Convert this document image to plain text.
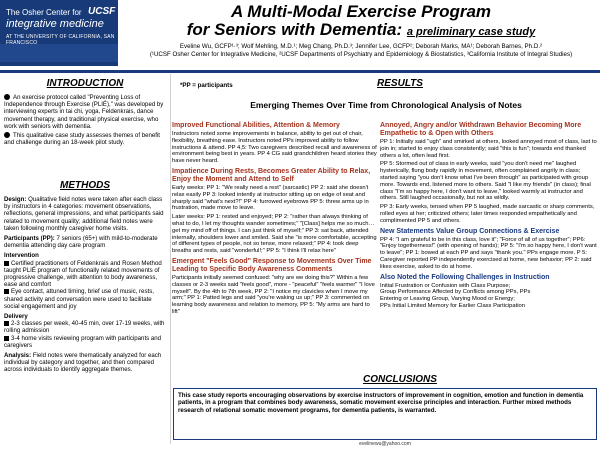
The Osher Center for
integrative medicine
AT THE UNIVERSITY OF CALIFORNIA, SAN FRANCISCO
UCSF	A Multi-Modal Exercise Program
for Seniors with Dementia: a preliminary case study
Eveline Wu, GCFP¹·³; Wolf Mehling, M.D.¹; Meg Chang, Ph.D.³; Jennifer Lee, GCFP¹; Deborah Marks, MA¹; Deborah Barnes, Ph.D.²
(¹UCSF Osher Center for Integrative Medicine, ²UCSF Departments of Psychiatry and Epidemiology & Biostatistics, ³California Institute of Integral Studies)
INTRODUCTION
An exercise protocol called "Preventing Loss of Independence through Exercise (PLIÉ)," was developed by interviewing experts in tai chi, yoga, Feldenkrais, dance movement therapy, and traditional physical exercise, who work with seniors with dementia.
This qualitative case study assesses themes of benefit and challenge during an 18-week pilot study.
METHODS
Design: Qualitative field notes were taken after each class by instructors in 4 categories: movement observations, reflections, general impressions, and what participants said related to movement quality; additional field notes were taken following monthly caregiver home visits.
Participants (PP): 7 seniors (65+) with mild-to-moderate dementia attending day care program
Intervention
Certified practitioners of Feldenkrais and Rosen Method taught PLIÉ program of functionally related movements of progressive challenge, with attention to body awareness, ease and comfort
Eye contact, attuned timing, brief use of music, rests, shared activity and conversation were used to facilitate social engagement and joy
Delivery
2-3 classes per week, 40-45 min, over 17-19 weeks, with rolling admission
3-4 home visits reviewing program with participants and caregivers
Analysis: Field notes were thematically analyzed for each individual by category and together, and then compared across individuals to identify aggregate themes.
*PP = participants	RESULTS
Emerging Themes Over Time from Chronological Analysis of Notes
Improved Functional Abilities, Attention & Memory
Instructors noted some improvements in balance, ability to get out of chair, flexibility, breathing ease. Instructors noted PPs improved ability to follow instructions & attend. PP 4,5: Two caregivers described recall and awareness of environment being best in years. PP 4 CG said grandchildren heard stories they have never heard.
Impatience During Rests, Becomes Greater Ability to Relax, Enjoy the Moment and Attend to Self
Early weeks: PP 1: "We really need a rest" (sarcastic) PP 2: said she doesn't relax easily PP 3: looked intently at instructor sitting up on edge of seat and sharply said "what's next?!" PP 4: furrowed eyebrows PP 5: threw arms up in frustration, made move to leave.
Later weeks: PP 1: rested and enjoyed; PP 2: "rather than always thinking of what to do, I let my thoughts wander sometimes;" "[Class] helps me so much…get my mind off of things. I can just think of myself;" PP 3: sat back, attended internally, shoulders lower and smiled. Said she "is more comfortable, accepting of different types of people, not so tense, more relaxed;" PP 4: took deep breaths and rests, said "wonderful!;" PP 5: "I think I'll relax here"
Emergent "Feels Good" Response to Movements Over Time Leading to Specific Body Awareness Comments
Participants initially seemed confused: "why are we doing this?" Within a few classes or 2-3 weeks said "feels good", more - "peaceful" "feels warmer" "I love myself". By the 4th to 7th week, PP 2: "I notice my clavicles when I move my arm;" PP 1: Patted legs and said "you're waking us up;" PP 3: commented on learning body awareness and relation to memory, PP 5: "My arms are hard to lift"
Annoyed, Angry and/or Withdrawn Behavior Becoming More Empathetic to & Open with Others
PP 1: Initially said "ugh" and smirked at others, looked annoyed most of class, last to join in; started to enjoy class consistently; said "this is fun"; towards end thanked others a lot, often lead first.
PP 5: Stormed out of class in early weeks, said "you don't need me" laughed hysterically, flung body rapidly in movement, often complained angrily in class; started saying "you don't know what I've been through" as participated with group more. Towards end, listened more to others. Said "I like my friends" (in class); final class "I'm so happy here, I don't want to leave," looked warmly at instructor and others. Still laughed occasionally, but not as wildly.
PP 3: Early weeks, tensed when PP 5 laughed, made sarcastic or sharp comments, rolled eyes at her; criticized others; later times responded empathetically and complimented PP 5 and others.
New Statements Value Group Connections & Exercise
PP 4: "I am grateful to be in this class, love it"; "Force of all of us together"; PP6: "Enjoy togetherness!" (with opening of hands); PP 5: "I'm so happy here, I don't want to leave"; PP 1: bowed at each PP and says "thank you." PPs engage more. P 5: Caregiver reported PP independently exercised at home, new behavior; PP 2: said likes exercise, asked to do at home.
Also Noted the Following Challenges in Instruction
Initial Frustration or Confusion with Class Purpose;
Group Performance Affected by Conflicts among PPs, PPs
Entering or Leaving Group, Varying Mood or Energy;
PPs Initial Limited Memory for Earlier Class Participation
CONCLUSIONS
This case study reports encouraging observations by exercise instructors of improvement in cognition, emotion and function in dementia patients, in a program that combines body awareness, somatic movement exercise principles and interaction. Further mixed methods research of relational somatic movement programs, for dementia patients, is warranted.
evelinewu@yahoo.com
